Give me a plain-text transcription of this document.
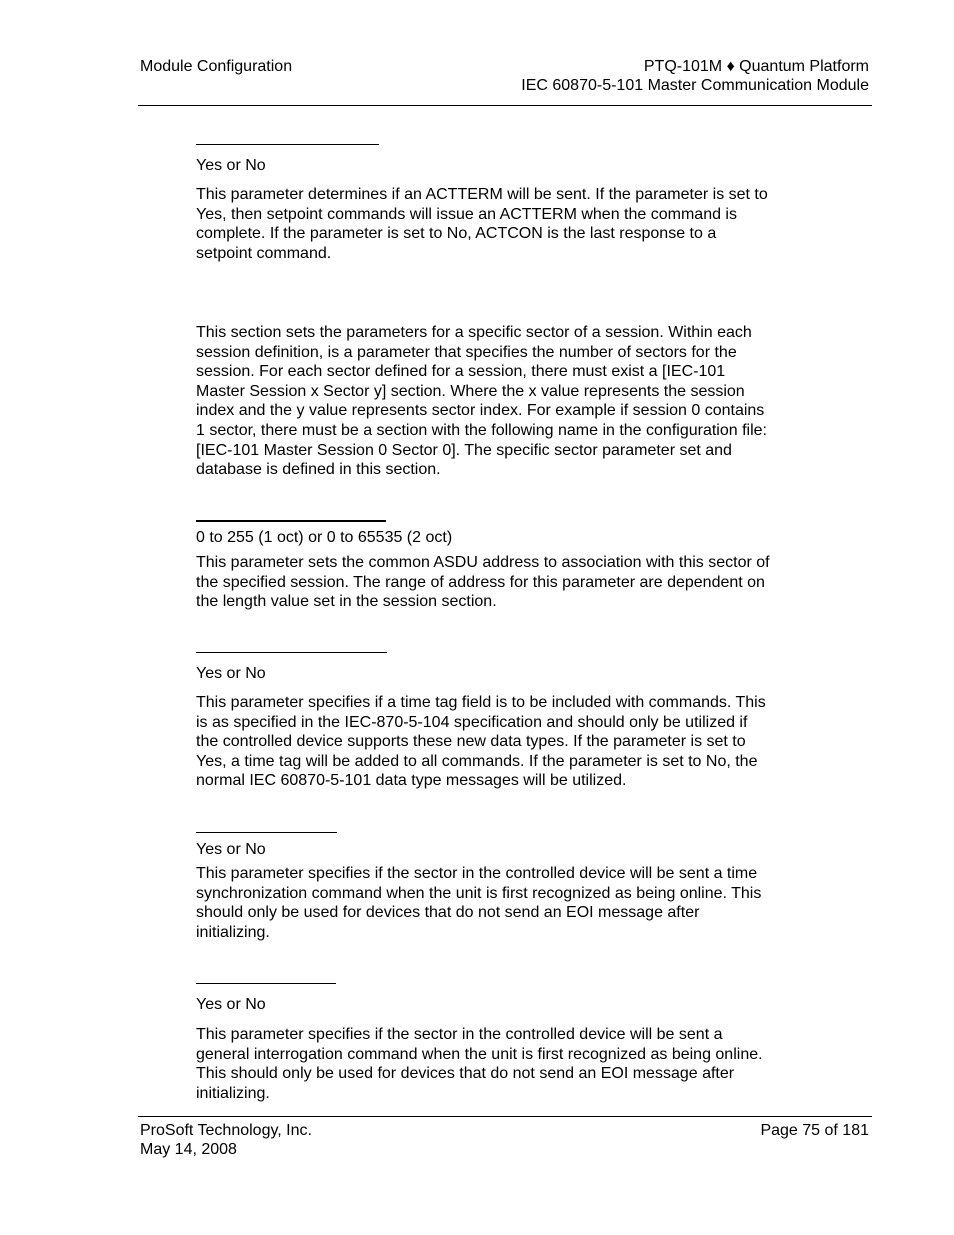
Module Configuration	PTQ-101M ♦ Quantum Platform
IEC 60870-5-101 Master Communication Module
Yes or No
This parameter determines if an ACTTERM will be sent. If the parameter is set to
Yes, then setpoint commands will issue an ACTTERM when the command is
complete. If the parameter is set to No, ACTCON is the last response to a
setpoint command.
This section sets the parameters for a specific sector of a session. Within each
session definition, is a parameter that specifies the number of sectors for the
session. For each sector defined for a session, there must exist a [IEC-101
Master Session x Sector y] section. Where the x value represents the session
index and the y value represents sector index. For example if session 0 contains
1 sector, there must be a section with the following name in the configuration file:
[IEC-101 Master Session 0 Sector 0]. The specific sector parameter set and
database is defined in this section.
0 to 255 (1 oct) or 0 to 65535 (2 oct)
This parameter sets the common ASDU address to association with this sector of
the specified session. The range of address for this parameter are dependent on
the length value set in the session section.
Yes or No
This parameter specifies if a time tag field is to be included with commands. This
is as specified in the IEC-870-5-104 specification and should only be utilized if
the controlled device supports these new data types. If the parameter is set to
Yes, a time tag will be added to all commands. If the parameter is set to No, the
normal IEC 60870-5-101 data type messages will be utilized.
Yes or No
This parameter specifies if the sector in the controlled device will be sent a time
synchronization command when the unit is first recognized as being online. This
should only be used for devices that do not send an EOI message after
initializing.
Yes or No
This parameter specifies if the sector in the controlled device will be sent a
general interrogation command when the unit is first recognized as being online.
This should only be used for devices that do not send an EOI message after
initializing.
ProSoft Technology, Inc.
May 14, 2008
Page 75 of 181
